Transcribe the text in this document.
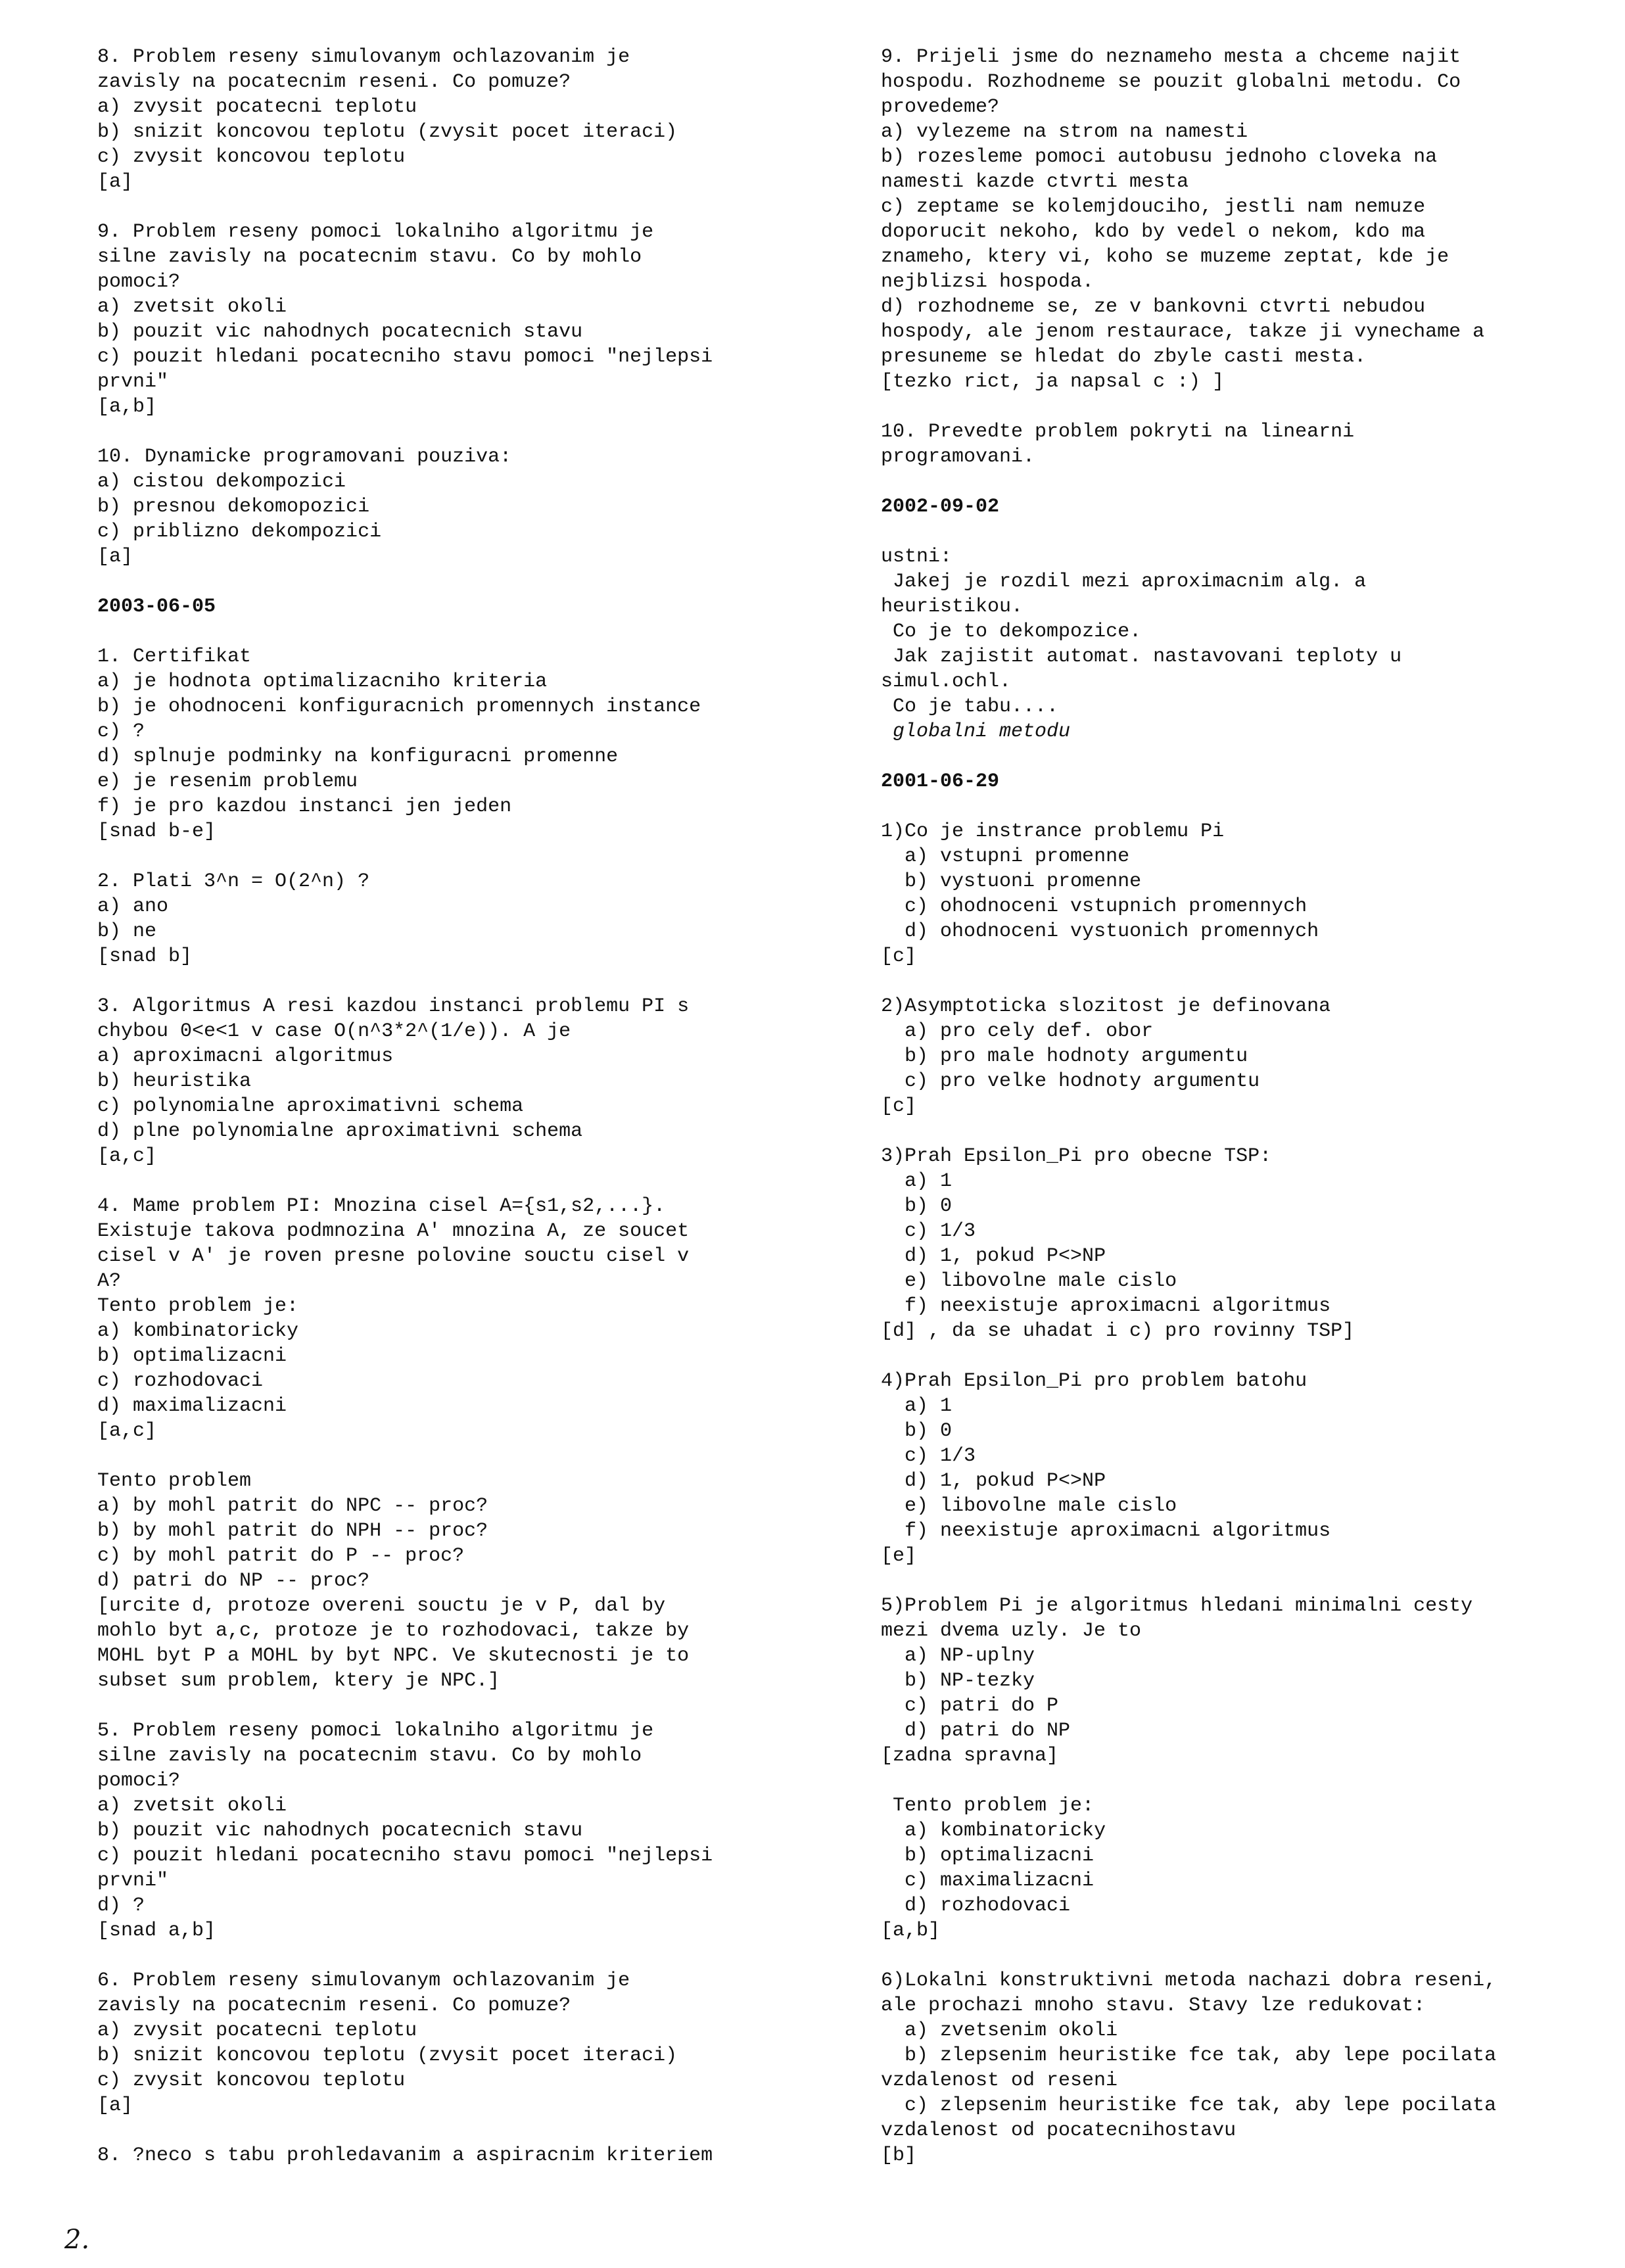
8. Problem reseny simulovanym ochlazovanim je
zavisly na pocatecnim reseni. Co pomuze?
a) zvysit pocatecni teplotu
b) snizit koncovou teplotu (zvysit pocet iteraci)
c) zvysit koncovou teplotu
[a]
9. Problem reseny pomoci lokalniho algoritmu je
silne zavisly na pocatecnim stavu. Co by mohlo
pomoci?
a) zvetsit okoli
b) pouzit vic nahodnych pocatecnich stavu
c) pouzit hledani pocatecniho stavu pomoci "nejlepsi
prvni"
[a,b]
10. Dynamicke programovani pouziva:
a) cistou dekompozici
b) presnou dekomopozici
c) priblizno dekompozici
[a]
2003-06-05
1. Certifikat
a) je hodnota optimalizacniho kriteria
b) je ohodnoceni konfiguracnich promennych instance
c) ?
d) splnuje podminky na konfiguracni promenne
e) je resenim problemu
f) je pro kazdou instanci jen jeden
[snad b-e]
2. Plati 3^n = O(2^n) ?
a) ano
b) ne
[snad b]
3. Algoritmus A resi kazdou instanci problemu PI s
chybou 0<e<1 v case O(n^3*2^(1/e)). A je
a) aproximacni algoritmus
b) heuristika
c) polynomialne aproximativni schema
d) plne polynomialne aproximativni schema
[a,c]
4. Mame problem PI: Mnozina cisel A={s1,s2,...}.
Existuje takova podmnozina A' mnozina A, ze soucet
cisel v A' je roven presne polovine souctu cisel v
A?
Tento problem je:
a) kombinatoricky
b) optimalizacni
c) rozhodovaci
d) maximalizacni
[a,c]
Tento problem
a) by mohl patrit do NPC -- proc?
b) by mohl patrit do NPH -- proc?
c) by mohl patrit do P -- proc?
d) patri do NP -- proc?
[urcite d, protoze overeni souctu je v P, dal by
mohlo byt a,c, protoze je to rozhodovaci, takze by
MOHL byt P a MOHL by byt NPC. Ve skutecnosti je to
subset sum problem, ktery je NPC.]
5. Problem reseny pomoci lokalniho algoritmu je
silne zavisly na pocatecnim stavu. Co by mohlo
pomoci?
a) zvetsit okoli
b) pouzit vic nahodnych pocatecnich stavu
c) pouzit hledani pocatecniho stavu pomoci "nejlepsi
prvni"
d) ?
[snad a,b]
6. Problem reseny simulovanym ochlazovanim je
zavisly na pocatecnim reseni. Co pomuze?
a) zvysit pocatecni teplotu
b) snizit koncovou teplotu (zvysit pocet iteraci)
c) zvysit koncovou teplotu
[a]
8. ?neco s tabu prohledavanim a aspiracnim kriteriem
9. Prijeli jsme do neznameho mesta a chceme najit
hospodu. Rozhodneme se pouzit globalni metodu. Co
provedeme?
a) vylezeme na strom na namesti
b) rozesleme pomoci autobusu jednoho cloveka na
namesti kazde ctvrti mesta
c) zeptame se kolemjdouciho, jestli nam nemuze
doporucit nekoho, kdo by vedel o nekom, kdo ma
znameho, ktery vi, koho se muzeme zeptat, kde je
nejblizsi hospoda.
d) rozhodneme se, ze v bankovni ctvrti nebudou
hospody, ale jenom restaurace, takze ji vynechame a
presuneme se hledat do zbyle casti mesta.
[tezko rict, ja napsal c :) ]
10. Prevedte problem pokryti na linearni
programovani.
2002-09-02
ustni:
Jakej je rozdil mezi aproximacnim alg. a
heuristikou.
Co je to dekompozice.
Jak zajistit automat. nastavovani teploty u
simul.ochl.
Co je tabu....
globalni metodu
2001-06-29
1)Co je instrance problemu Pi
a) vstupni promenne
b) vystuoni promenne
c) ohodnoceni vstupnich promennych
d) ohodnoceni vystuonich promennych
[c]
2)Asymptoticka slozitost je definovana
a) pro cely def. obor
b) pro male hodnoty argumentu
c) pro velke hodnoty argumentu
[c]
3)Prah Epsilon_Pi pro obecne TSP:
a) 1
b) 0
c) 1/3
d) 1, pokud P<>NP
e) libovolne male cislo
f) neexistuje aproximacni algoritmus
[d] , da se uhadat i c) pro rovinny TSP]
4)Prah Epsilon_Pi pro problem batohu
a) 1
b) 0
c) 1/3
d) 1, pokud P<>NP
e) libovolne male cislo
f) neexistuje aproximacni algoritmus
[e]
5)Problem Pi je algoritmus hledani minimalni cesty
mezi dvema uzly. Je to
a) NP-uplny
b) NP-tezky
c) patri do P
d) patri do NP
[zadna spravna]
Tento problem je:
a) kombinatoricky
b) optimalizacni
c) maximalizacni
d) rozhodovaci
[a,b]
6)Lokalni konstruktivni metoda nachazi dobra reseni,
ale prochazi mnoho stavu. Stavy lze redukovat:
a) zvetsenim okoli
b) zlepsenim heuristike fce tak, aby lepe pocilata
vzdalenost od reseni
c) zlepsenim heuristike fce tak, aby lepe pocilata
vzdalenost od pocatecnihostavu
[b]
2.
